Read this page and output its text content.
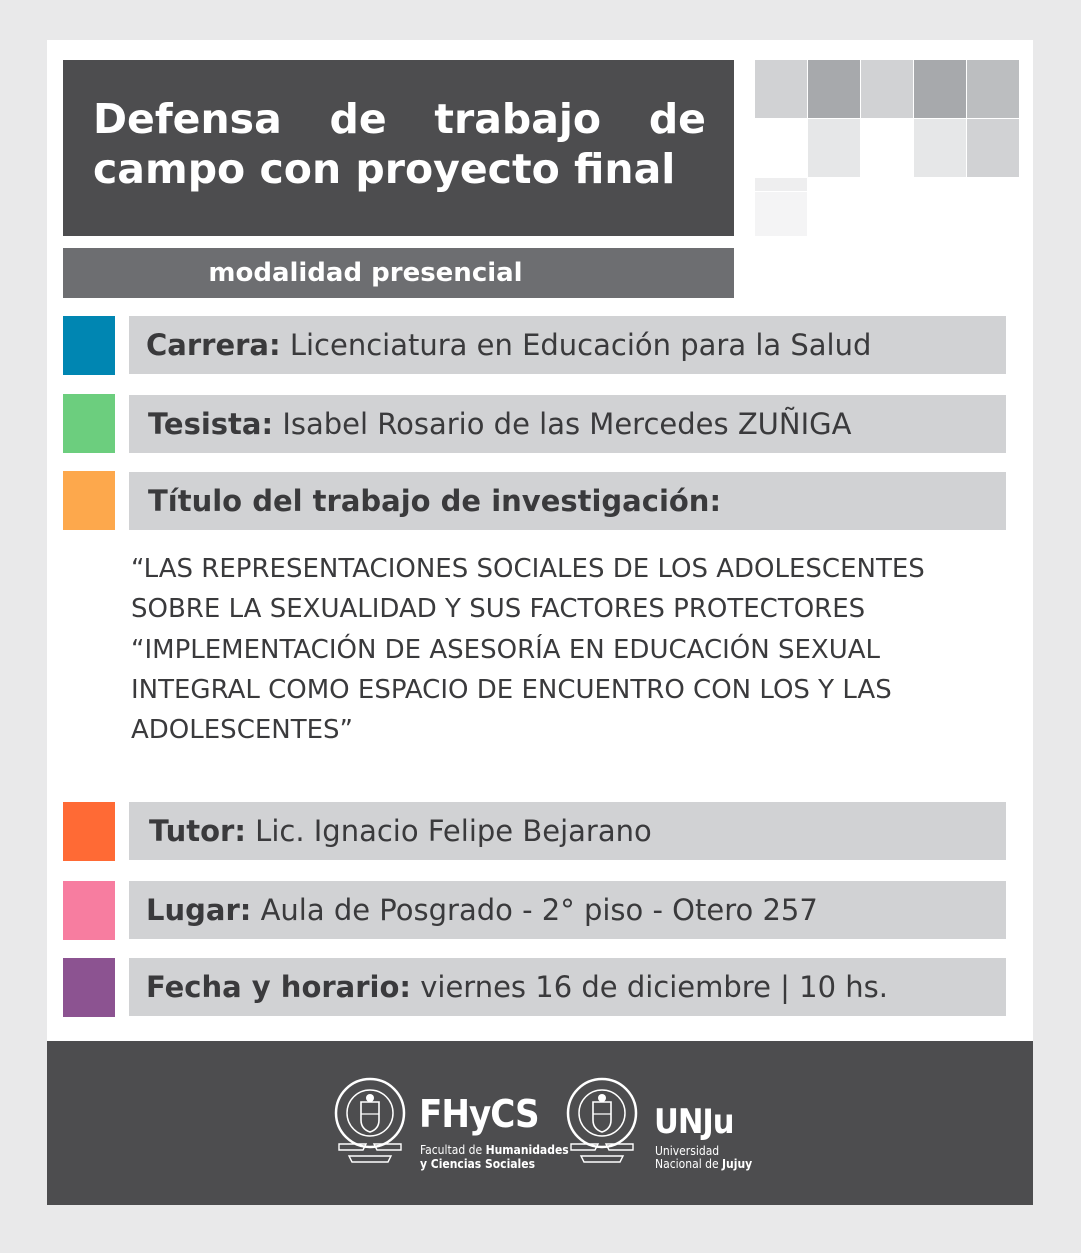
Defensa de trabajo de
campo con proyecto final
modalidad presencial
Carrera: Licenciatura en Educación para la Salud
Tesista: Isabel Rosario de las Mercedes ZUÑIGA
Título del trabajo de investigación:
“LAS REPRESENTACIONES SOCIALES DE LOS ADOLESCENTES SOBRE LA SEXUALIDAD Y SUS FACTORES PROTECTORES “IMPLEMENTACIÓN DE ASESORÍA EN EDUCACIÓN SEXUAL INTEGRAL COMO ESPACIO DE ENCUENTRO CON LOS Y LAS ADOLESCENTES”
Tutor: Lic. Ignacio Felipe Bejarano
Lugar: Aula de Posgrado - 2° piso - Otero 257
Fecha y horario: viernes 16 de diciembre | 10 hs.
FHyCS
Facultad de Humanidades
y Ciencias Sociales
UNJu
Universidad
Nacional de Jujuy
